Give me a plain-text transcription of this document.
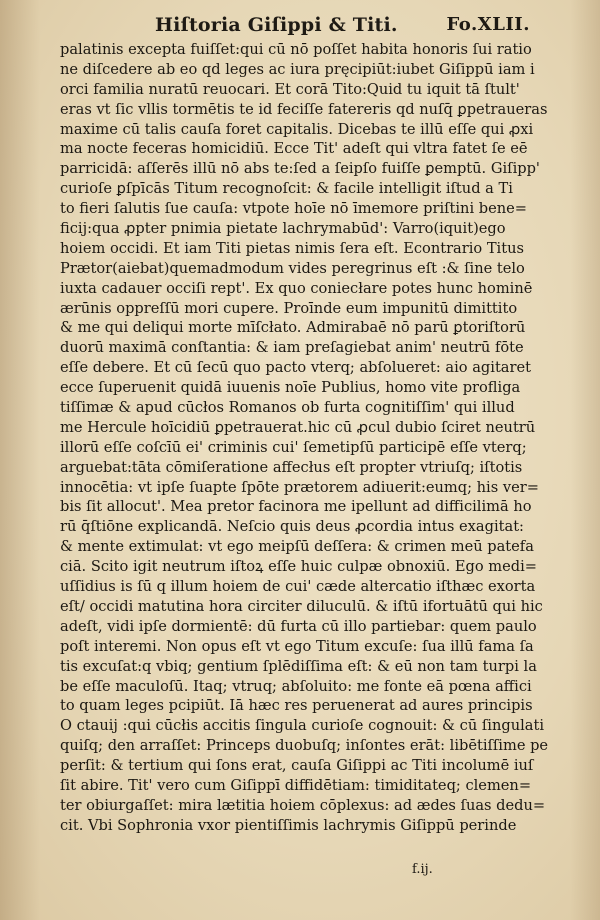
Hiſtoria Giſippi & Titi.	Fo.XLII.
palatinis excepta fuiſſet:qui cū nō poſſet habita honoris ſui ratio
ne diſcedere ab eo qd leges ac iura pręcipiūt:iubet Giſippū iam i
orci familia nuratū reuocari. Et corā Tito:Quid tu iquit tā ſtult'
eras vt ſic vllis tormētis te id feciſſe fatereris qd nuſq̄ ꝑpetraueras
maxime cū talis cauſa foret capitalis. Dicebas te illū eſſe qui ꝓxi
ma nocte feceras homicidiū. Ecce Tit' adeſt qui vltra fatet ſe eē
parricidā: aſſerēs illū nō abs te:ſed a ſeipſo fuiſſe ꝑemptū. Giſipp'
curioſe ꝑſpīcās Titum recognoſcit: & facile intelligit iſtud a Ti
to fieri ſalutis ſue cauſa: vtpote hoīe nō īmemore priſtini bene=
ficij:qua ꝓpter pnimia pietate lachrymabūd': Varro(iquit)ego
hoiem occidi. Et iam Titi pietas nimis ſera eſt. Econtrario Titus
Prætor(aiebat)quemadmodum vides peregrinus eſt :& ſine telo
iuxta cadauer occiſi rept'. Ex quo coniecłare potes hunc hominē
ærūnis oppreſſū mori cupere. Proīnde eum impunitū dimittito
& me qui deliqui morte mīſcłato. Admirabaē nō parū ꝑtoriſtorū
duorū maximā conſtantia: & iam preſagiebat anim' neutrū fōte
eſſe debere. Et cū ſecū quo pacto vterq; abſolueret: aio agitaret
ecce ſuperuenit quidā iuuenis noīe Publius, homo vite profliga
tiſſimæ & apud cūcłos Romanos ob furta cognitiſſim' qui illud
me Hercule hoīcidiū ꝑpetrauerat.hic cū ꝓcul dubio ſciret neutrū
illorū eſſe coſcīū ei' criminis cui' ſemetipſū participē eſſe vterq;
arguebat:tāta cōmiſeratione affecłus eſt propter vtriuſq; iſtotis
innocētia: vt ipſe ſuapte ſpōte prætorem adiuerit:eumq; his ver=
bis ſit allocut'. Mea pretor facinora me ipellunt ad difficilimā ho
rū q̄ſtiōne explicandā. Neſcio quis deus ꝓcordia intus exagitat:
& mente extimulat: vt ego meipſū deſſera: & crimen meū patefa
ciā. Scito igit neutrum iſtoꝝ eſſe huic culpæ obnoxiū. Ego medi=
uſſidius is ſū q illum hoiem de cui' cæde altercatio iſthæc exorta
eſt/ occidi matutina hora circiter diluculū. & iſtū ifortuātū qui hic
adeſt, vidi ipſe dormientē: dū furta cū illo partiebar: quem paulo
poſt interemi. Non opus eſt vt ego Titum excuſe: ſua illū fama ſa
tis excuſat:q vbiq; gentium ſplēdiſſima eſt: & eū non tam turpi la
be eſſe maculoſū. Itaq; vtruq; abſoluito: me fonte eā pœna affici
to quam leges pcipiūt. Iā hæc res peruenerat ad aures principis
O ctauij :qui cūcłis accitis ſingula curioſe cognouit: & cū ſingulati
quiſq; den arraſſet: Princeps duobuſq; inſontes erāt: libētiſſime pe
perſit: & tertium qui ſons erat, cauſa Giſippi ac Titi incolumē iuſ
ſit abire. Tit' vero cum Giſippī diffidētiam: timiditateq; clemen=
ter obiurgaſſet: mira lætitia hoiem cōplexus: ad ædes ſuas dedu=
cit. Vbi Sophronia vxor pientiſſimis lachrymis Giſippū perinde
f.ij.
